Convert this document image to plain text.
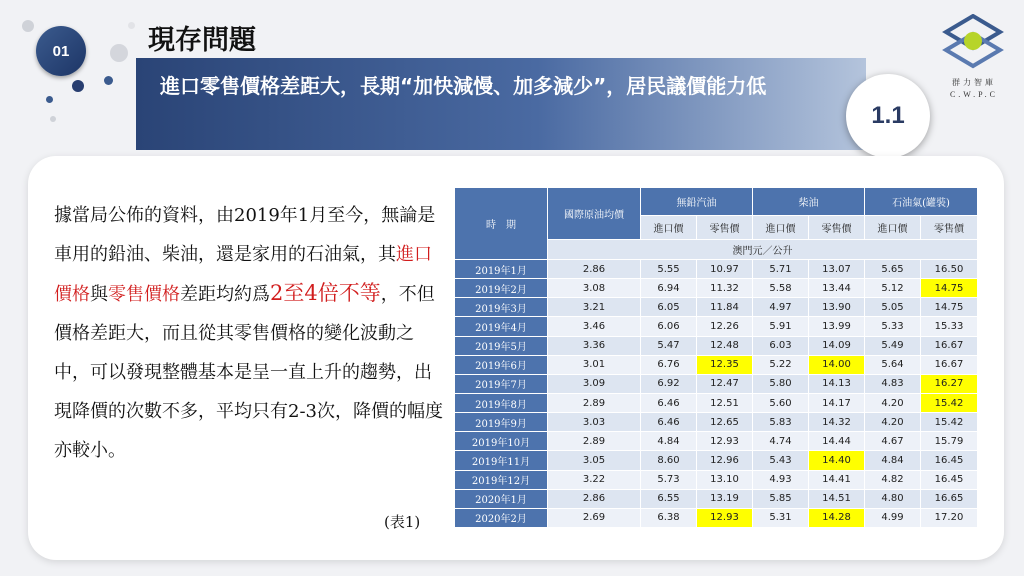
01	現存問題
進口零售價格差距大，長期“加快減慢、加多減少”，居民議價能力低
1.1
群力智庫
C.W.P.C
據當局公佈的資料，由2019年1月至今，無論是車用的鉛油、柴油，還是家用的石油氣，其進口價格與零售價格差距均約爲2至4倍不等，不但價格差距大，而且從其零售價格的變化波動之中，可以發現整體基本是呈一直上升的趨勢，出現降價的次數不多，平均只有2-3次，降價的幅度亦較小。
(表1)
時　期	國際原油均價	無鉛汽油		柴油		石油氣(罐裝)	
		進口價	零售價	進口價	零售價	進口價	零售價
	澳門元／公升						
2019年1月	2.86	5.55	10.97	5.71	13.07	5.65	16.50
2019年2月	3.08	6.94	11.32	5.58	13.44	5.12	14.75
2019年3月	3.21	6.05	11.84	4.97	13.90	5.05	14.75
2019年4月	3.46	6.06	12.26	5.91	13.99	5.33	15.33
2019年5月	3.36	5.47	12.48	6.03	14.09	5.49	16.67
2019年6月	3.01	6.76	12.35	5.22	14.00	5.64	16.67
2019年7月	3.09	6.92	12.47	5.80	14.13	4.83	16.27
2019年8月	2.89	6.46	12.51	5.60	14.17	4.20	15.42
2019年9月	3.03	6.46	12.65	5.83	14.32	4.20	15.42
2019年10月	2.89	4.84	12.93	4.74	14.44	4.67	15.79
2019年11月	3.05	8.60	12.96	5.43	14.40	4.84	16.45
2019年12月	3.22	5.73	13.10	4.93	14.41	4.82	16.45
2020年1月	2.86	6.55	13.19	5.85	14.51	4.80	16.65
2020年2月	2.69	6.38	12.93	5.31	14.28	4.99	17.20
